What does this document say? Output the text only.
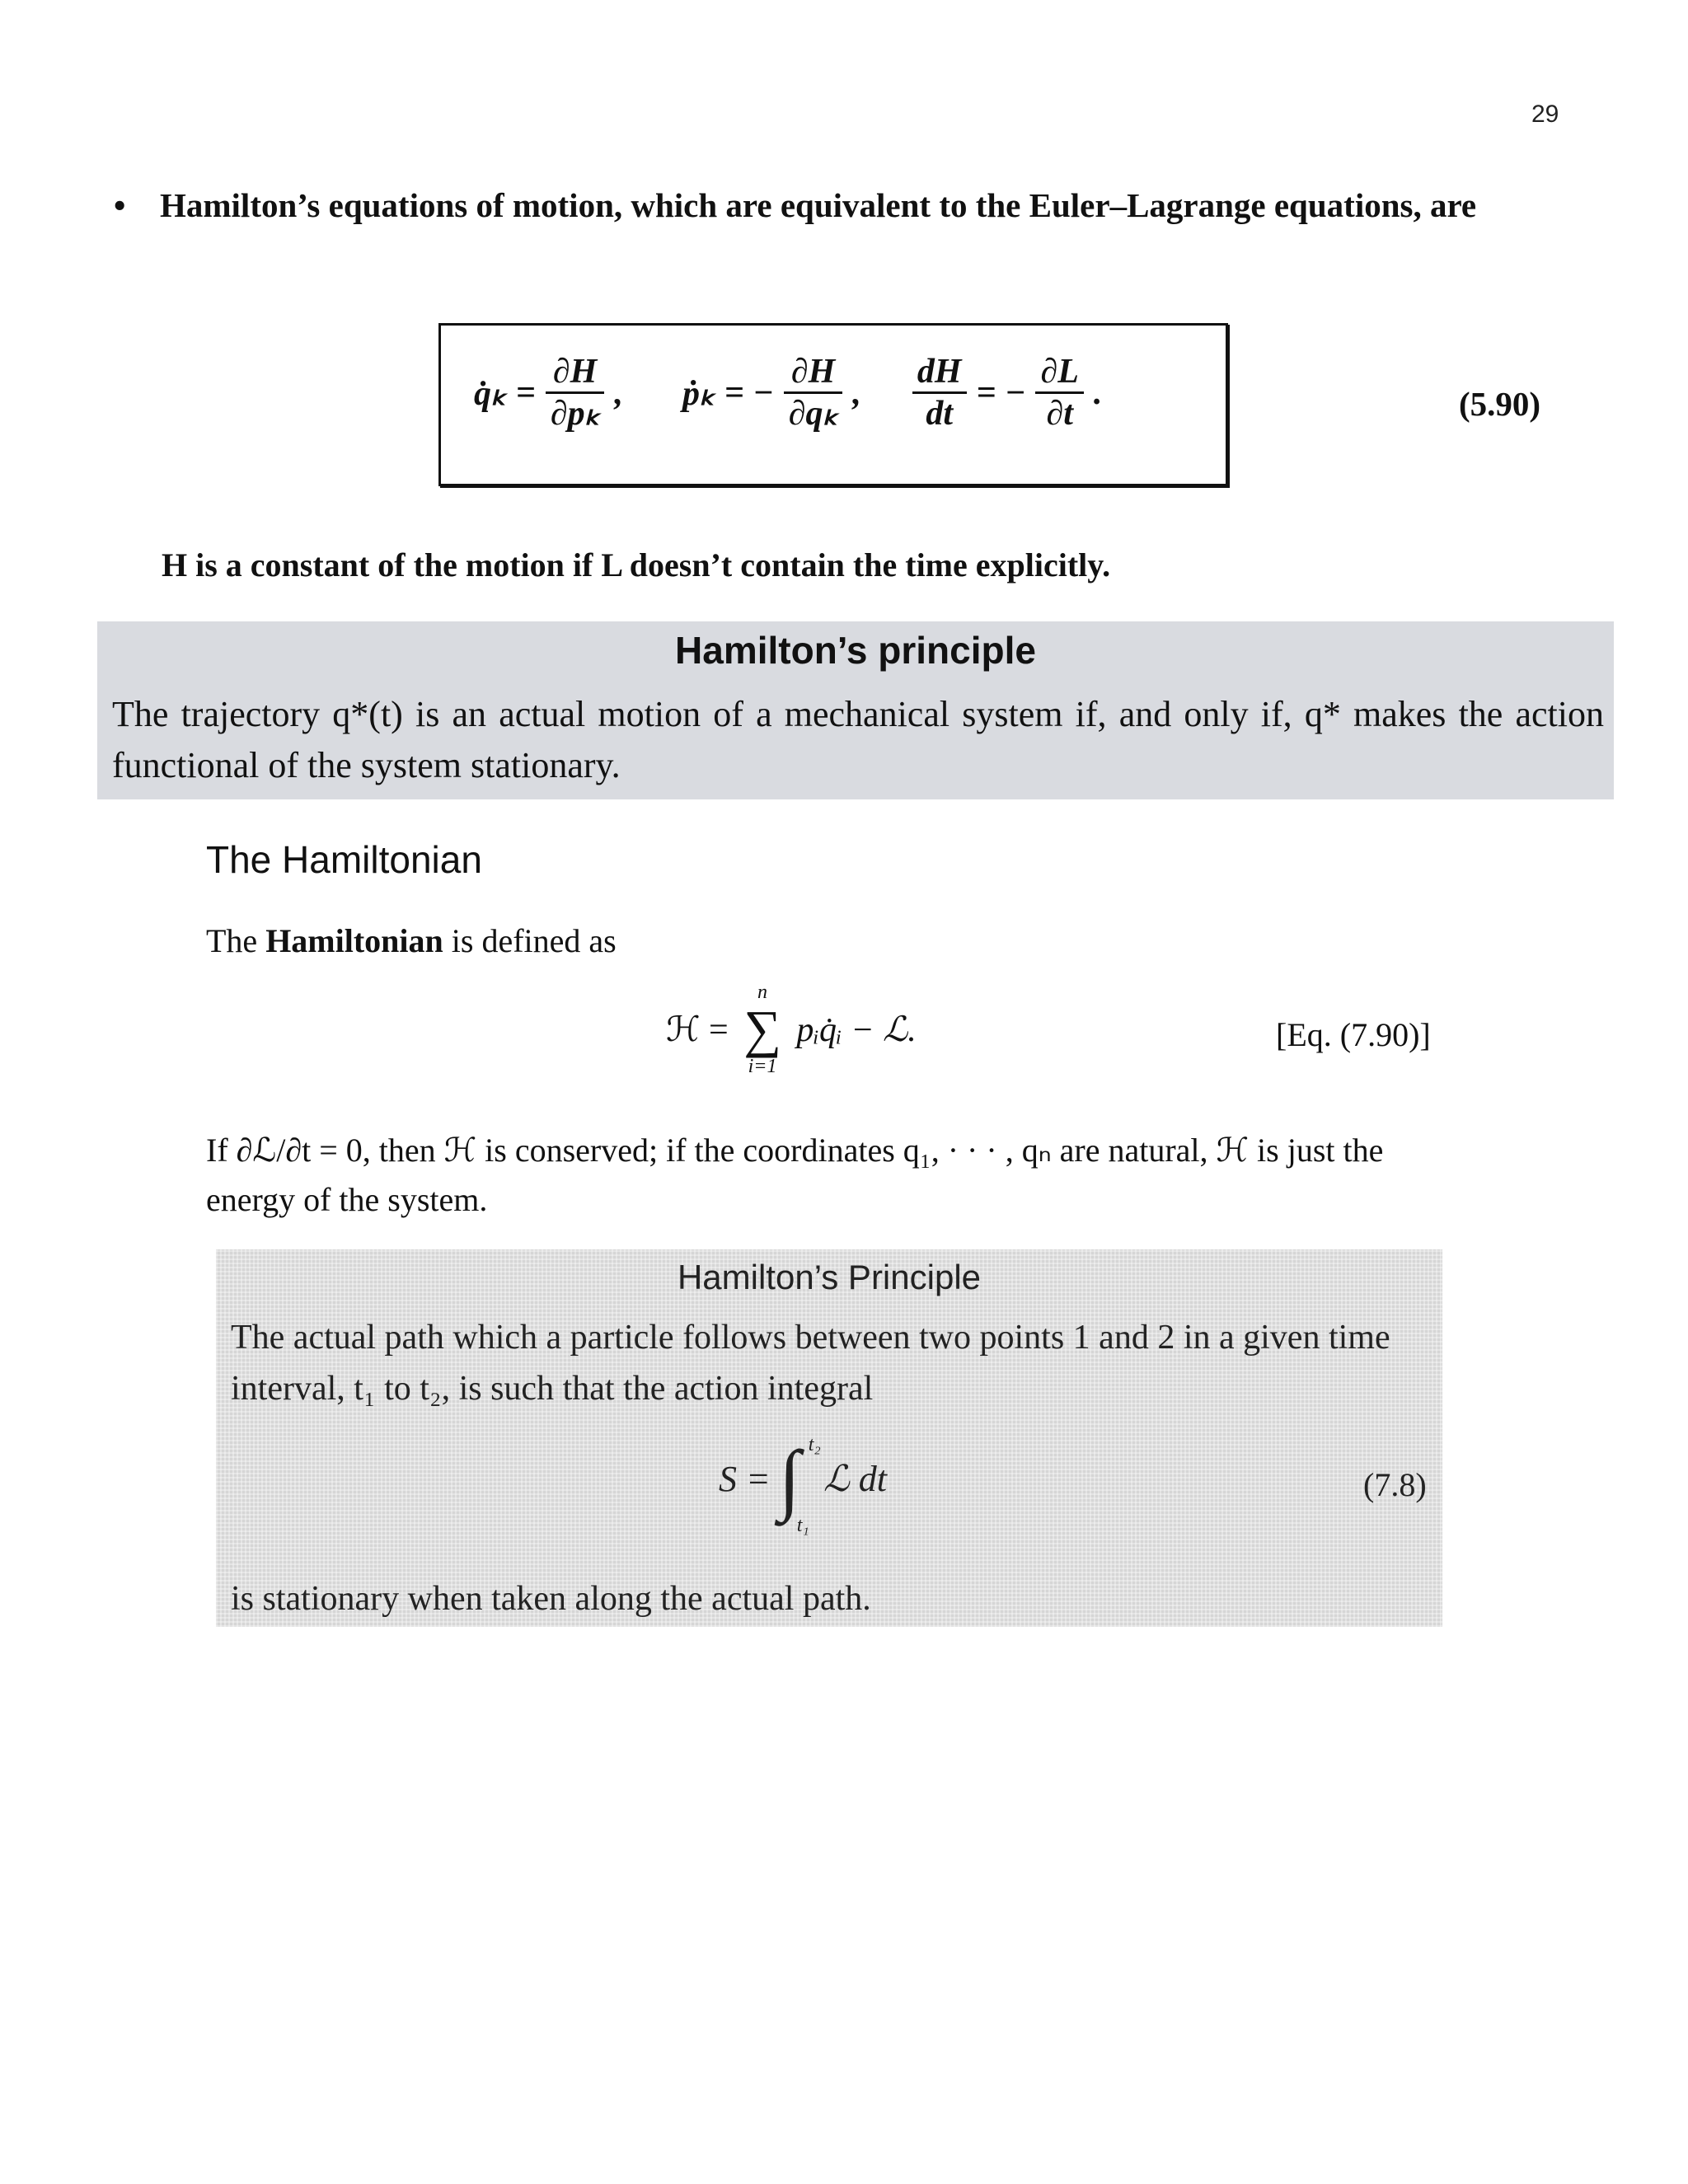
29
• Hamilton’s equations of motion, which are equivalent to the Euler–Lagrange equations, are
q̇ₖ = $\frac{\partial H}{\text{∂pₖ}}$ , ṗₖ = − $\frac{\partial H}{\text{∂qₖ}}$ , $\frac{dH}{dt}$ = − $\frac{\partial L}{\partial t}$ .	(5.90)
H is a constant of the motion if L doesn’t contain the time explicitly.
Hamilton’s principle
The trajectory q*(t) is an actual motion of a mechanical system if, and only if, q* makes the action functional of the system stationary.
The Hamiltonian
The Hamiltonian is defined as
ℋ =
n
∑
i=1
pᵢq̇ᵢ − ℒ.	[Eq. (7.90)]
If ∂ℒ/∂t = 0, then ℋ is conserved; if the coordinates q₁, · · · , qₙ are natural, ℋ is just the energy of the system.
Hamilton’s Principle
The actual path which a particle follows between two points 1 and 2 in a given time interval, t₁ to t₂, is such that the action integral
S = ∫ t₂
t₁
ℒ dt	(7.8)
is stationary when taken along the actual path.
